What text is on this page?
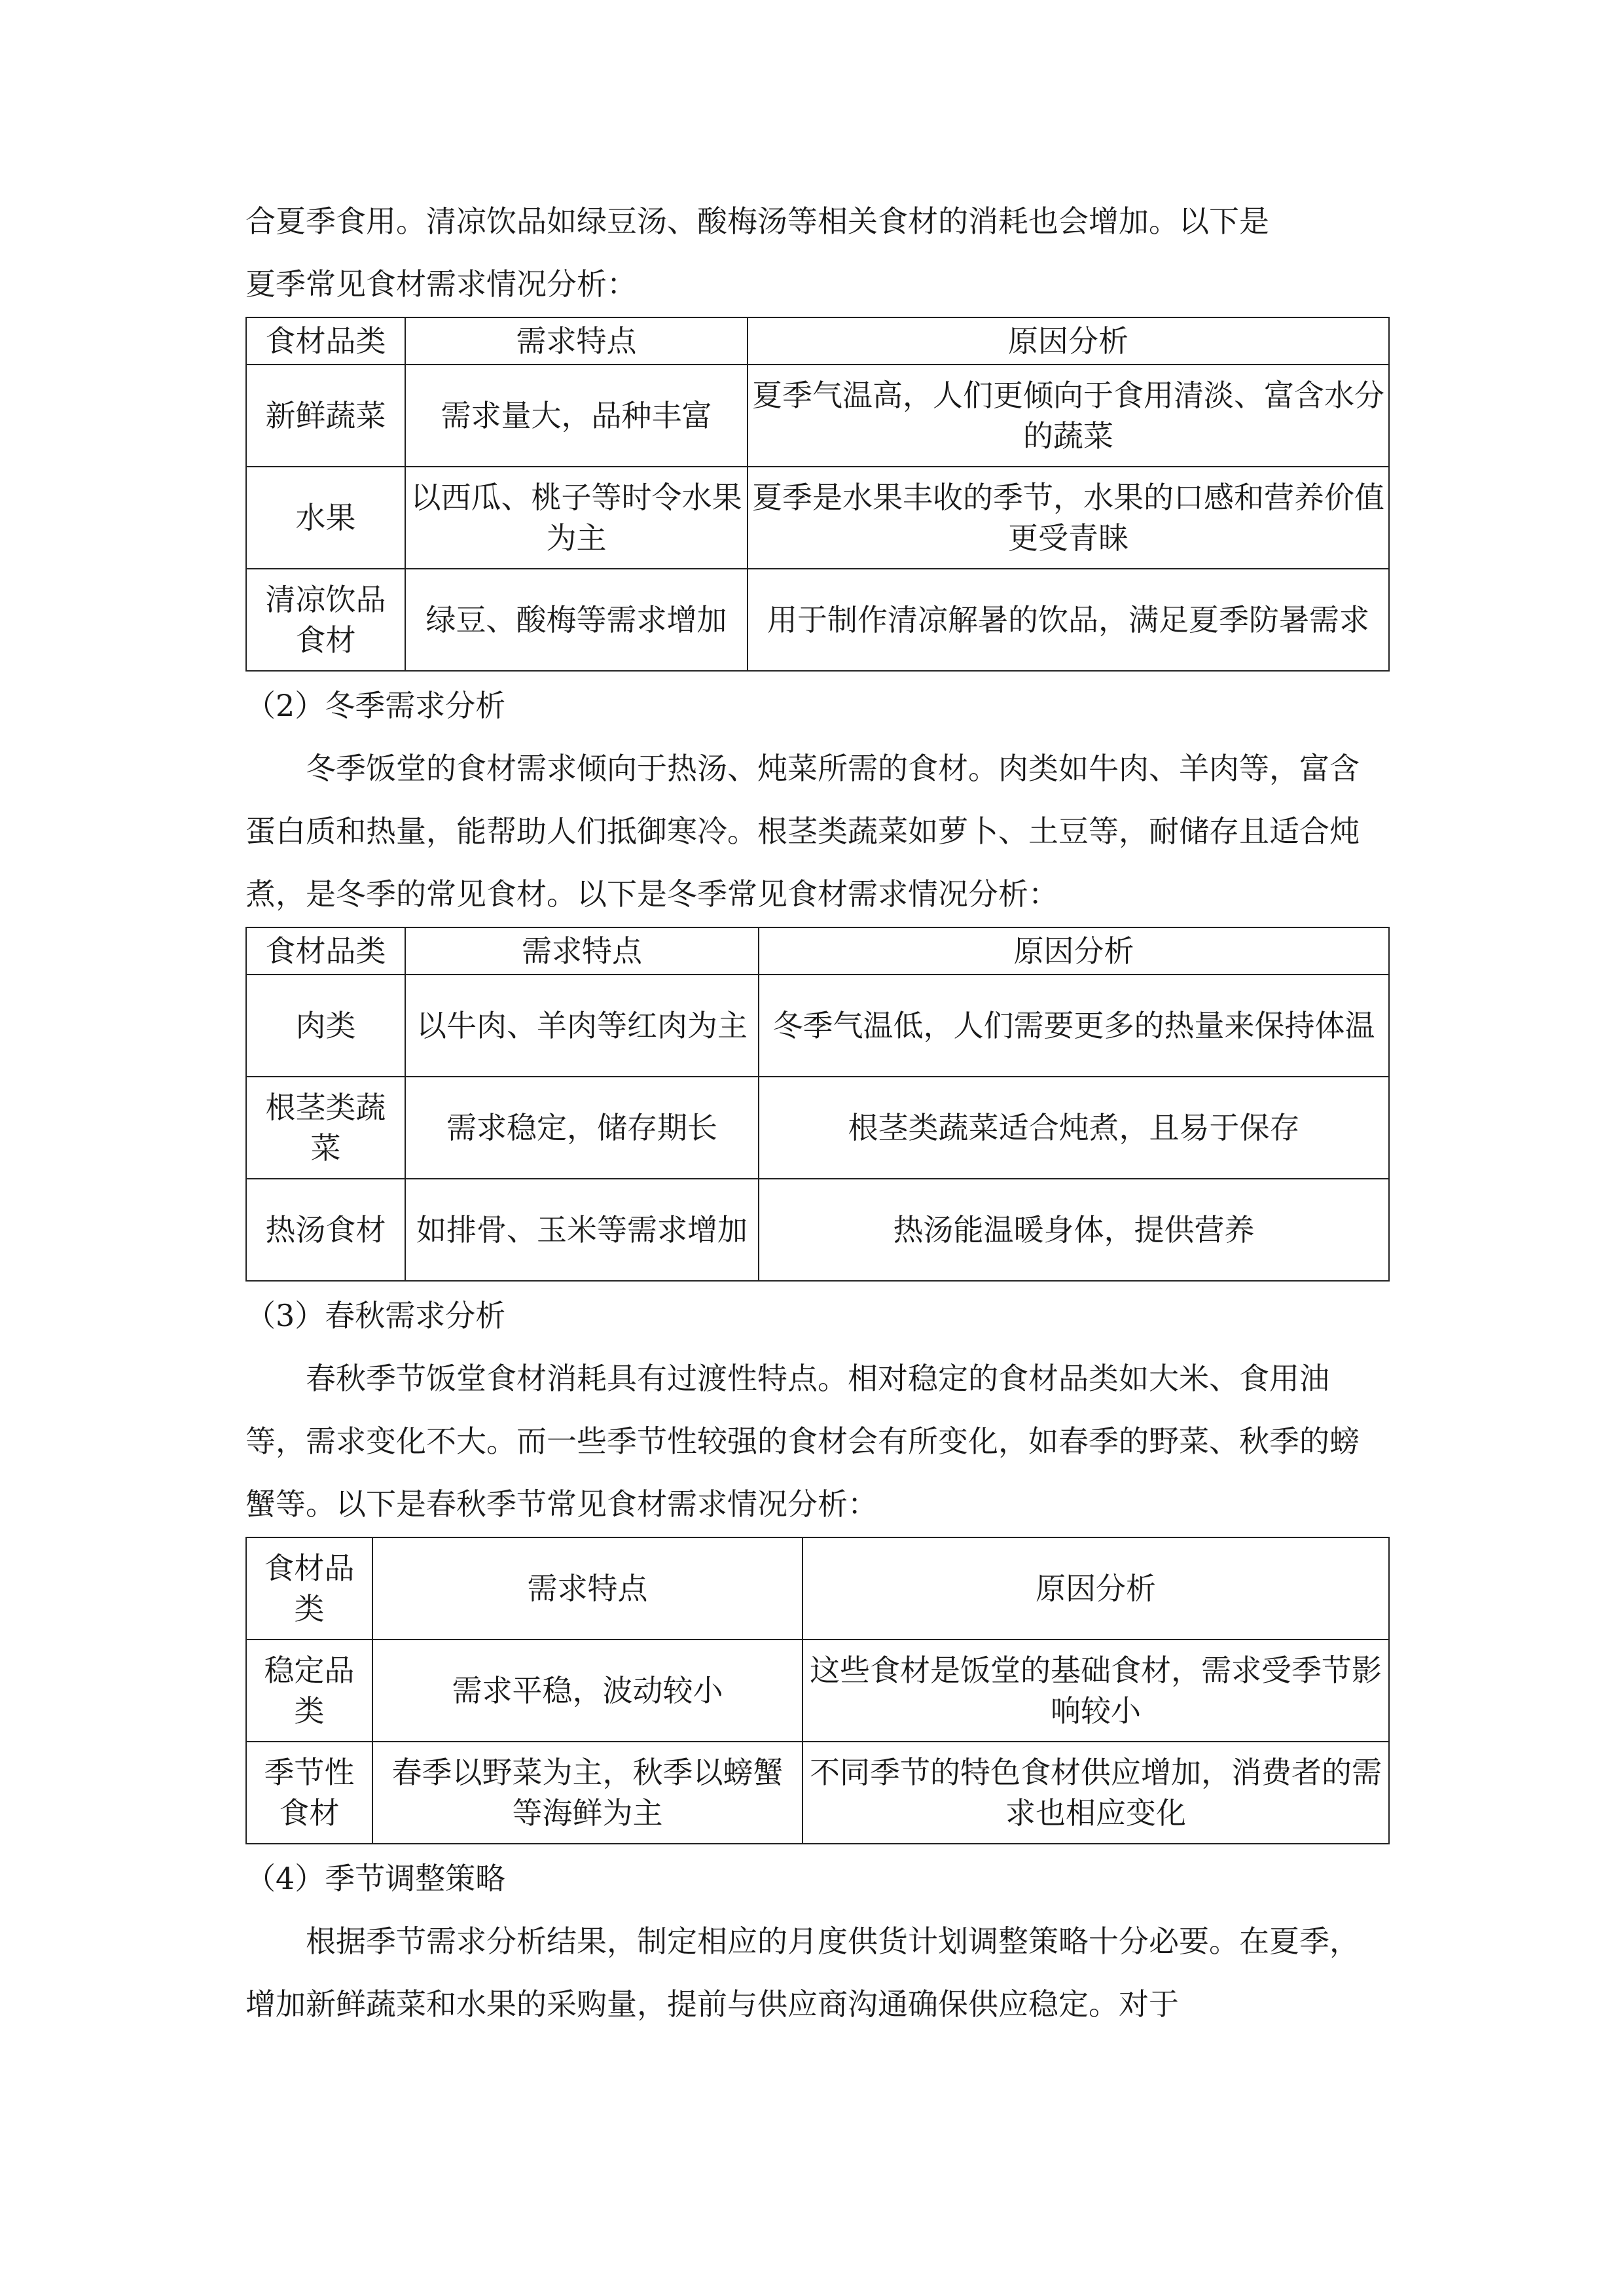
合夏季食用。清凉饮品如绿豆汤、酸梅汤等相关食材的消耗也会增加。以下是

夏季常见食材需求情况分析：

食材品类	需求特点	原因分析
新鲜蔬菜	需求量大，品种丰富	夏季气温高，人们更倾向于食用清淡、富含水分的蔬菜
水果	以西瓜、桃子等时令水果为主	夏季是水果丰收的季节，水果的口感和营养价值更受青睐
清凉饮品食材	绿豆、酸梅等需求增加	用于制作清凉解暑的饮品，满足夏季防暑需求

（2）冬季需求分析

冬季饭堂的食材需求倾向于热汤、炖菜所需的食材。肉类如牛肉、羊肉等，富含蛋白质和热量，能帮助人们抵御寒冷。根茎类蔬菜如萝卜、土豆等，耐储存且适合炖煮，是冬季的常见食材。以下是冬季常见食材需求情况分析：

食材品类	需求特点	原因分析
肉类	以牛肉、羊肉等红肉为主	冬季气温低，人们需要更多的热量来保持体温
根茎类蔬菜	需求稳定，储存期长	根茎类蔬菜适合炖煮，且易于保存
热汤食材	如排骨、玉米等需求增加	热汤能温暖身体，提供营养

（3）春秋需求分析

春秋季节饭堂食材消耗具有过渡性特点。相对稳定的食材品类如大米、食用油等，需求变化不大。而一些季节性较强的食材会有所变化，如春季的野菜、秋季的螃蟹等。以下是春秋季节常见食材需求情况分析：

食材品类	需求特点	原因分析
稳定品类	需求平稳，波动较小	这些食材是饭堂的基础食材，需求受季节影响较小
季节性食材	春季以野菜为主，秋季以螃蟹等海鲜为主	不同季节的特色食材供应增加，消费者的需求也相应变化

（4）季节调整策略

根据季节需求分析结果，制定相应的月度供货计划调整策略十分必要。在夏季，增加新鲜蔬菜和水果的采购量，提前与供应商沟通确保供应稳定。对于
